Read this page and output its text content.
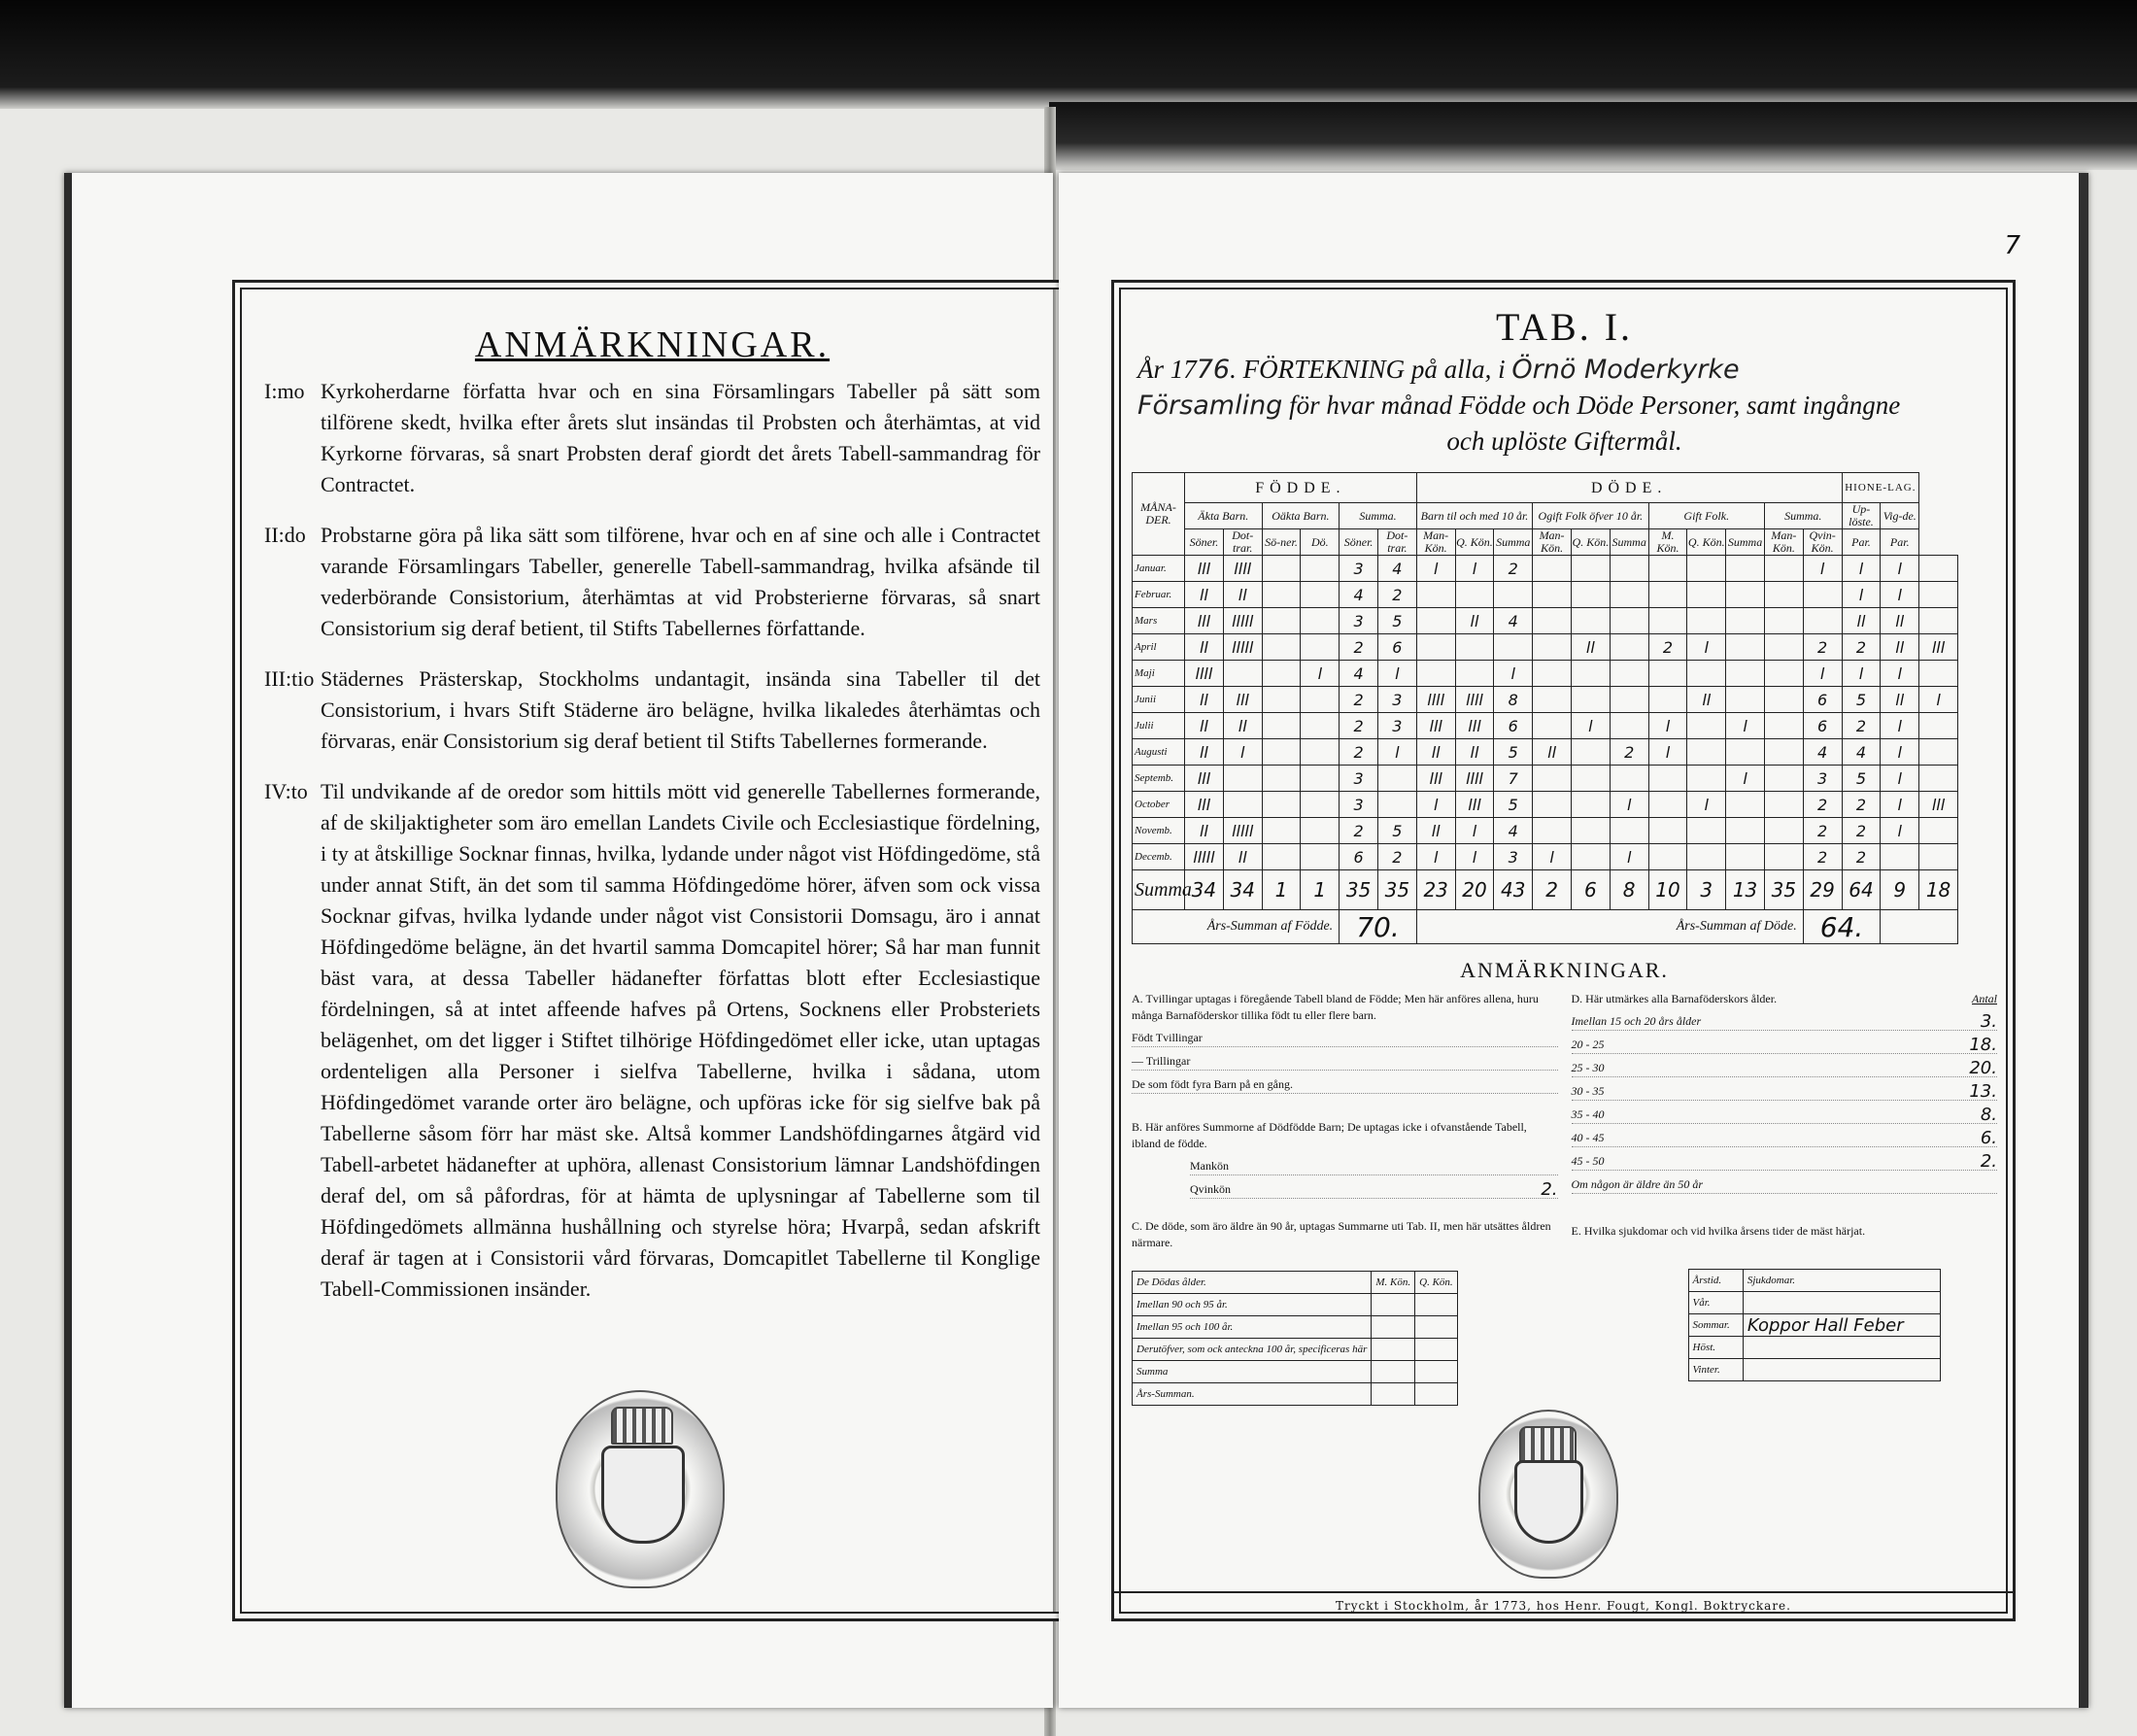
ANMÄRKNINGAR.
I:mo Kyrkoherdarne författa hvar och en sina Församlingars Tabeller på sätt som tilförene skedt, hvilka efter årets slut insändas til Probsten och återhämtas, at vid Kyrkorne förvaras, så snart Probsten deraf giordt det årets Tabell-sammandrag för Contractet.
II:do Probstarne göra på lika sätt som tilförene, hvar och en af sine och alle i Contractet varande Församlingars Tabeller, generelle Tabell-sammandrag, hvilka afsände til vederbörande Consistorium, återhämtas at vid Probsterierne förvaras, så snart Consistorium sig deraf betient, til Stifts Tabellernes författande.
III:tio Städernes Prästerskap, Stockholms undantagit, insända sina Tabeller til det Consistorium, i hvars Stift Städerne äro belägne, hvilka likaledes återhämtas och förvaras, enär Consistorium sig deraf betient til Stifts Tabellernes formerande.
IV:to Til undvikande af de oredor som hittils mött vid generelle Tabellernes formerande, af de skiljaktigheter som äro emellan Landets Civile och Ecclesiastique fördelning, i ty at åtskillige Socknar finnas, hvilka, lydande under något vist Höfdingedöme, stå under annat Stift, än det som til samma Höfdingedöme hörer, äfven som ock vissa Socknar gifvas, hvilka lydande under något vist Consistorii Domsagu, äro i annat Höfdingedöme belägne, än det hvartil samma Domcapitel hörer; Så har man funnit bäst vara, at dessa Tabeller hädanefter författas blott efter Ecclesiastique fördelningen, så at intet affeende hafves på Ortens, Socknens eller Probsteriets belägenhet, om det ligger i Stiftet tilhörige Höfdingedömet eller icke, utan uptagas ordenteligen alla Personer i sielfva Tabellerne, hvilka i sådana, utom Höfdingedömet varande orter äro belägne, och upföras icke för sig sielfve bak på Tabellerne såsom förr har mäst ske. Altså kommer Landshöfdingarnes åtgärd vid Tabell-arbetet hädanefter at uphöra, allenast Consistorium lämnar Landshöfdingen deraf del, om så påfordras, för at hämta de uplysningar af Tabellerne som til Höfdingedömets allmänna hushållning och styrelse höra; Hvarpå, sedan afskrift deraf är tagen at i Consistorii vård förvaras, Domcapitlet Tabellerne til Konglige Tabell-Commissionen insänder.
7
TAB. I.
År 1776. FÖRTEKNING på alla, i Örnö Moderkyrke
Församling för hvar månad Födde och Döde Personer, samt ingångne
och uplöste Giftermål.
MÅNA-DER.	FÖDDE.						DÖDE.											HIONE-LAG.		
	Äkta Barn.		Oäkta Barn.		Summa.		Barn til och med 10 år.			Ogift Folk öfver 10 år.			Gift Folk.			Summa.		Up-löste.	Vig-de.	
	Söner.	Dot-trar.	Sö-ner.	Dö.	Söner.	Dot-trar.	Man-Kön.	Q. Kön.	Summa	Man-Kön.	Q. Kön.	Summa	M. Kön.	Q. Kön.	Summa	Man-Kön.	Qvin-Kön.	Par.	Par.	
Januar.	lll	llll			3	4	l	l	2								l	l	l	
Februar.	ll	ll			4	2												l	l	
Mars	lll	lllll			3	5		ll	4									ll	ll	
April	ll	lllll			2	6					ll		2	l			2	2	ll	lll
Maji	llll			l	4	l			l								l	l	l	
Junii	ll	lll			2	3	llll	llll	8					ll			6	5	ll	l
Julii	ll	ll			2	3	lll	lll	6		l		l		l		6	2	l	
Augusti	ll	l			2	l	ll	ll	5	ll		2	l				4	4	l	
Septemb.	lll				3		lll	llll	7						l		3	5	l	
October	lll				3		l	lll	5			l		l			2	2	l	lll
Novemb.	ll	lllll			2	5	ll	l	4								2	2	l	
Decemb.	lllll	ll			6	2	l	l	3	l		l					2	2		
Summa	34	34	1	1	35	35	23	20	43	2	6	8	10	3	13	35	29	64	9	18
Års-Summan af Födde.					70.		Års-Summan af Döde.										64.			
ANMÄRKNINGAR.
A. Tvillingar uptagas i föregående Tabell bland de Födde; Men här anföres allena, huru många Barnaföderskor tillika födt tu eller flere barn.
Födt Tvillingar
— Trillingar
De som födt fyra Barn på en gång.
B. Här anföres Summorne af Dödfödde Barn; De uptagas icke i ofvanstående Tabell, ibland de födde.
Mankön
Qvinkön	2.
C. De döde, som äro äldre än 90 år, uptagas Summarne uti Tab. II, men här utsättes åldren närmare.
De Dödas ålder.	M. Kön.	Q. Kön.
Imellan 90 och 95 år.		
Imellan 95 och 100 år.		
Derutöfver, som ock anteckna 100 år, specificeras här		
Summa		
Års-Summan.		
D. Här utmärkes alla Barnaföderskors ålder.	Antal
Imellan 15 och 20 års ålder	3.
20 - 25	18.
25 - 30	20.
30 - 35	13.
35 - 40	8.
40 - 45	6.
45 - 50	2.
Om någon är äldre än 50 år
E. Hvilka sjukdomar och vid hvilka årsens tider de mäst härjat.
Årstid.	Sjukdomar.
Vår.	
Sommar.	Koppor Hall Feber
Höst.	
Vinter.	
Tryckt i Stockholm, år 1773, hos Henr. Fougt, Kongl. Boktryckare.
